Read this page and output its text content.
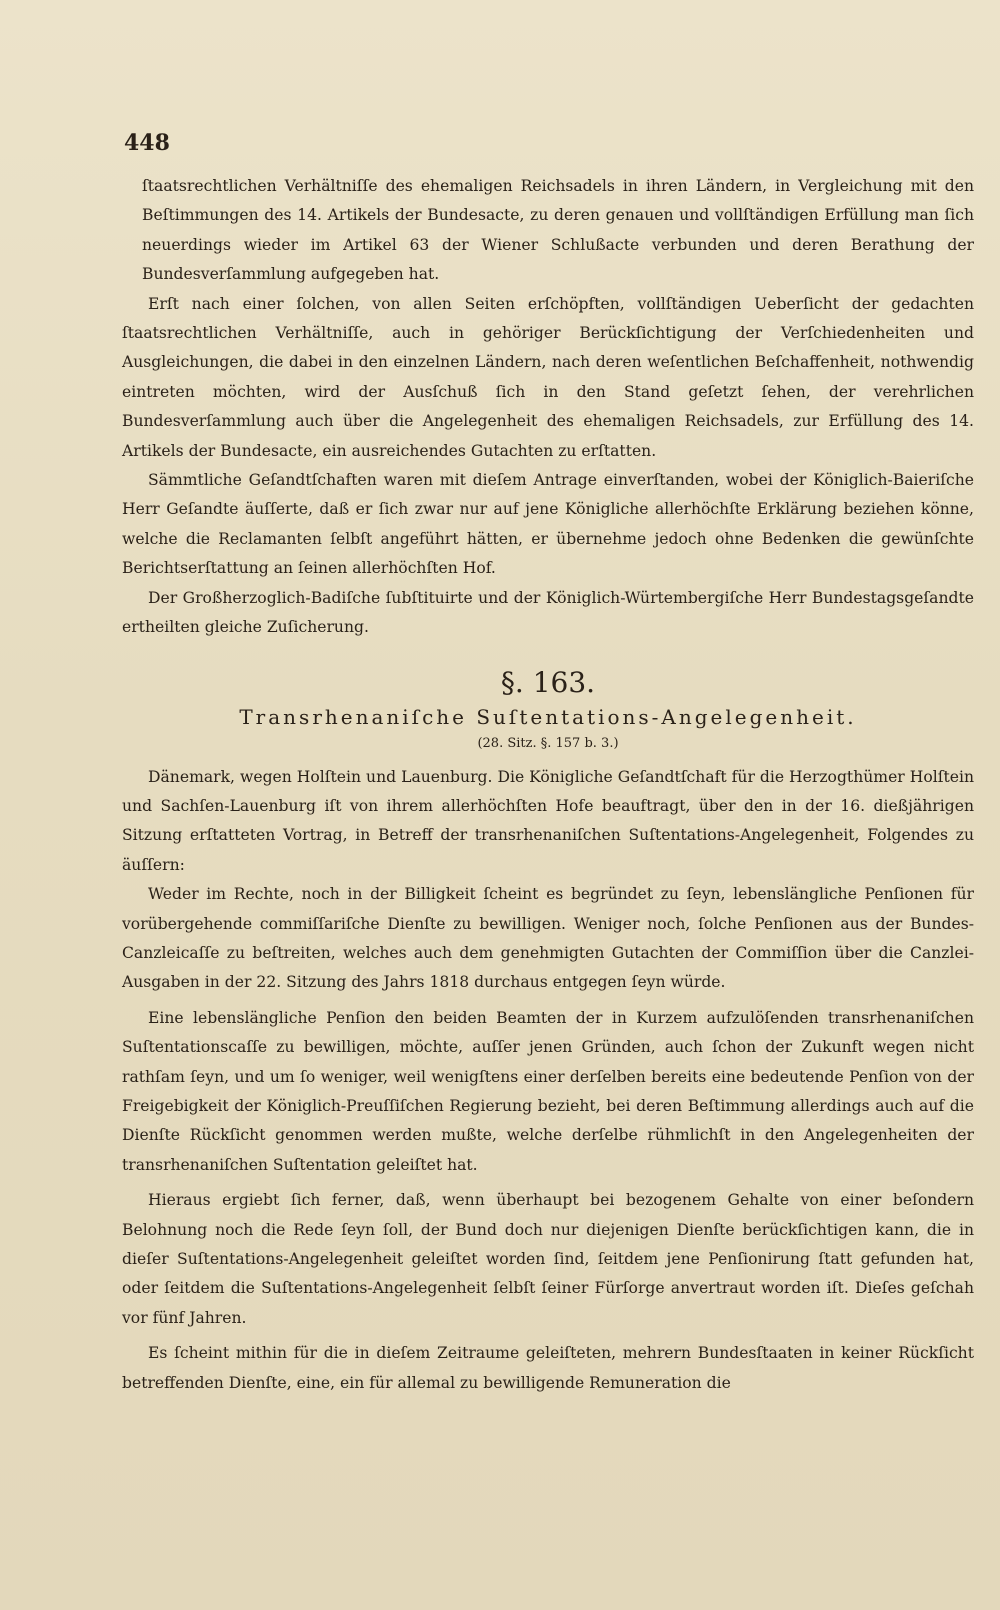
448

ſtaatsrechtlichen Verhältniſſe des ehemaligen Reichsadels in ihren Ländern, in Vergleichung mit den Beſtimmungen des 14. Artikels der Bundesacte, zu deren genauen und vollſtändigen Erfüllung man ſich neuerdings wieder im Artikel 63 der Wiener Schlußacte verbunden und deren Berathung der Bundesverſammlung aufgegeben hat.

Erſt nach einer ſolchen, von allen Seiten erſchöpften, vollſtändigen Ueberſicht der gedachten ſtaatsrechtlichen Verhältniſſe, auch in gehöriger Berückſichtigung der Verſchiedenheiten und Ausgleichungen, die dabei in den einzelnen Ländern, nach deren weſentlichen Beſchaffenheit, nothwendig eintreten möchten, wird der Ausſchuß ſich in den Stand geſetzt ſehen, der verehrlichen Bundesverſammlung auch über die Angelegenheit des ehemaligen Reichsadels, zur Erfüllung des 14. Artikels der Bundesacte, ein ausreichendes Gutachten zu erſtatten.

Sämmtliche Geſandtſchaften waren mit dieſem Antrage einverſtanden, wobei der Königlich-Baieriſche Herr Geſandte äuſſerte, daß er ſich zwar nur auf jene Königliche allerhöchſte Erklärung beziehen könne, welche die Reclamanten ſelbſt angeführt hätten, er übernehme jedoch ohne Bedenken die gewünſchte Berichtserſtattung an ſeinen allerhöchſten Hof.

Der Großherzoglich-Badiſche ſubſtituirte und der Königlich-Würtembergiſche Herr Bundestagsgeſandte ertheilten gleiche Zuſicherung.

§. 163.
Transrhenaniſche Suſtentations-Angelegenheit.
(28. Sitz. §. 157 b. 3.)

Dänemark, wegen Holſtein und Lauenburg. Die Königliche Geſandtſchaft für die Herzogthümer Holſtein und Sachſen-Lauenburg iſt von ihrem allerhöchſten Hofe beauftragt, über den in der 16. dießjährigen Sitzung erſtatteten Vortrag, in Betreff der transrhenaniſchen Suſtentations-Angelegenheit, Folgendes zu äuſſern:

Weder im Rechte, noch in der Billigkeit ſcheint es begründet zu ſeyn, lebenslängliche Penſionen für vorübergehende commiſſariſche Dienſte zu bewilligen. Weniger noch, ſolche Penſionen aus der Bundes-Canzleicaſſe zu beſtreiten, welches auch dem genehmigten Gutachten der Commiſſion über die Canzlei-Ausgaben in der 22. Sitzung des Jahrs 1818 durchaus entgegen ſeyn würde.

Eine lebenslängliche Penſion den beiden Beamten der in Kurzem aufzulöſenden transrhenaniſchen Suſtentationscaſſe zu bewilligen, möchte, auſſer jenen Gründen, auch ſchon der Zukunft wegen nicht rathſam ſeyn, und um ſo weniger, weil wenigſtens einer derſelben bereits eine bedeutende Penſion von der Freigebigkeit der Königlich-Preuſſiſchen Regierung bezieht, bei deren Beſtimmung allerdings auch auf die Dienſte Rückſicht genommen werden mußte, welche derſelbe rühmlichſt in den Angelegenheiten der transrhenaniſchen Suſtentation geleiſtet hat.

Hieraus ergiebt ſich ferner, daß, wenn überhaupt bei bezogenem Gehalte von einer beſondern Belohnung noch die Rede ſeyn ſoll, der Bund doch nur diejenigen Dienſte berückſichtigen kann, die in dieſer Suſtentations-Angelegenheit geleiſtet worden ſind, ſeitdem jene Penſionirung ſtatt gefunden hat, oder ſeitdem die Suſtentations-Angelegenheit ſelbſt ſeiner Fürſorge anvertraut worden iſt. Dieſes geſchah vor fünf Jahren.

Es ſcheint mithin für die in dieſem Zeitraume geleiſteten, mehrern Bundesſtaaten in keiner Rückſicht betreffenden Dienſte, eine, ein für allemal zu bewilligende Remuneration die
